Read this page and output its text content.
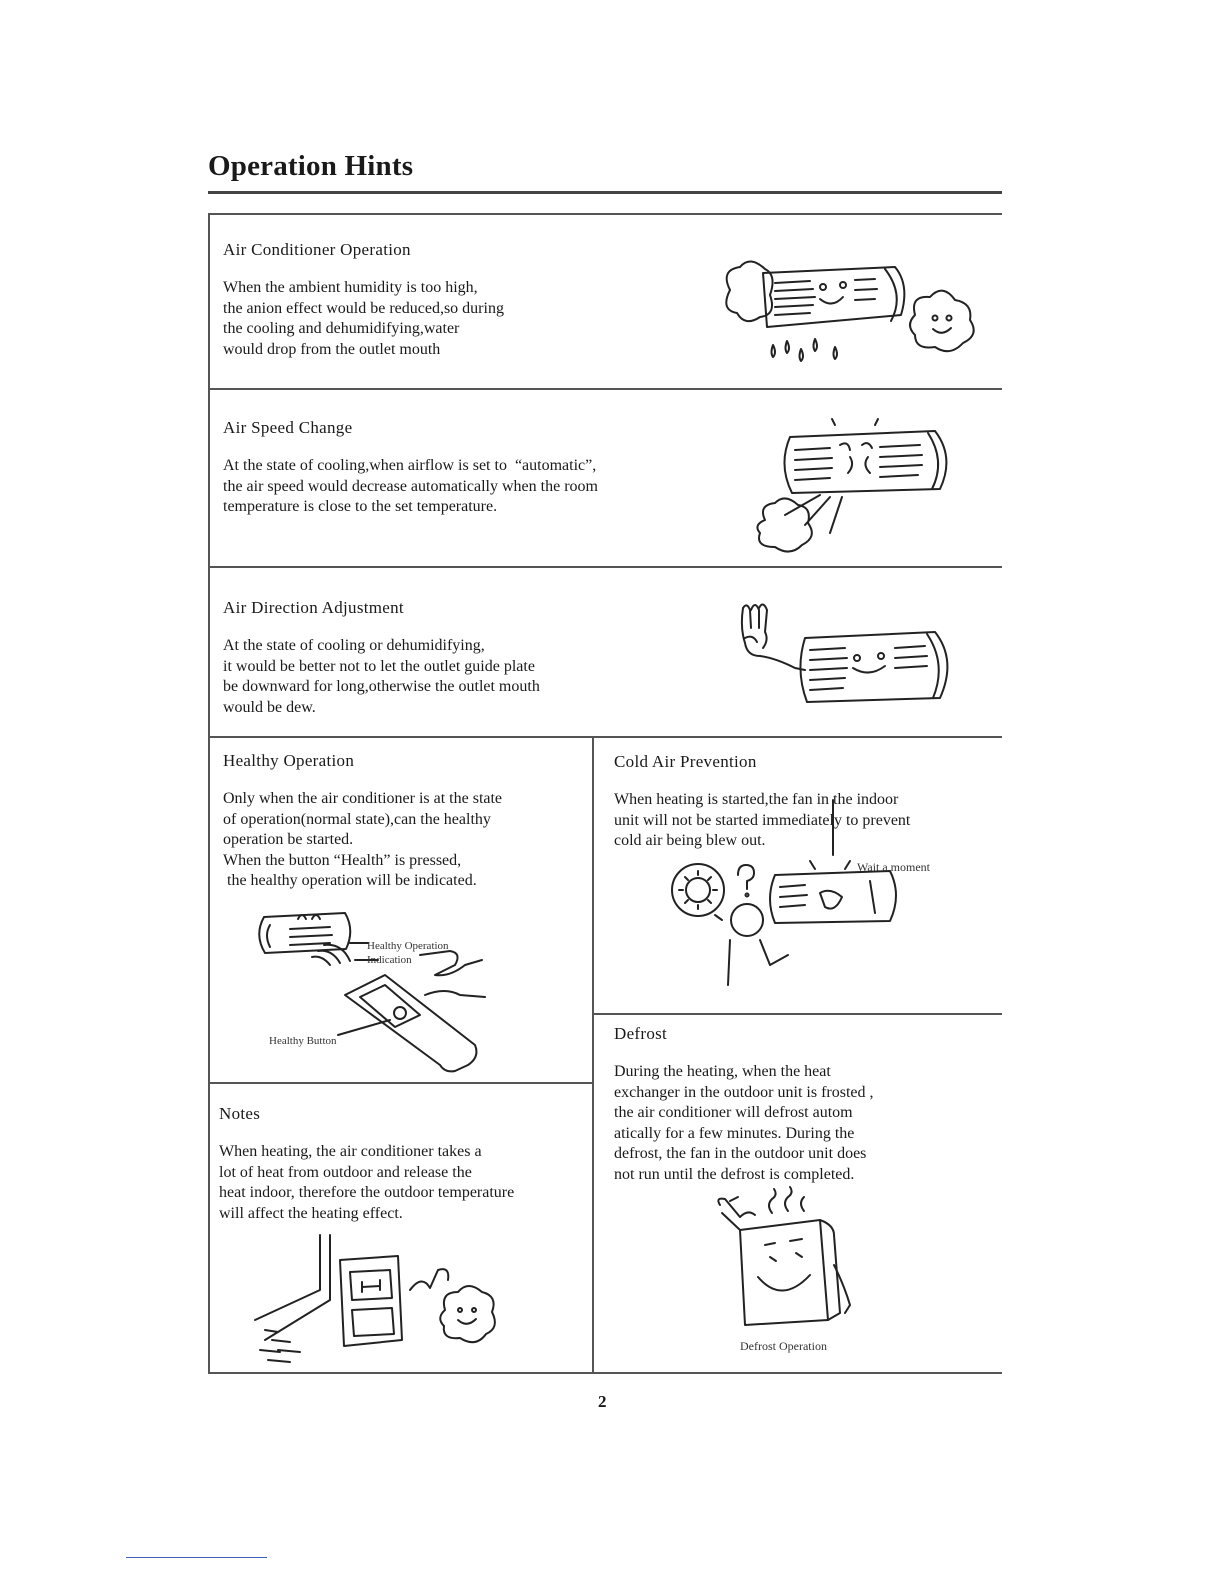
Operation Hints
Air Conditioner Operation

When the ambient humidity is too high,
the anion effect would be reduced,so during
the cooling and dehumidifying,water
would drop from the outlet mouth

Air Speed Change

At the state of cooling,when airflow is set to  “automatic”,
the air speed would decrease automatically when the room
temperature is close to the set temperature.

Air Direction Adjustment

At the state of cooling or dehumidifying,
it would be better not to let the outlet guide plate
be downward for long,otherwise the outlet mouth
would be dew.

Healthy Operation

Only when the air conditioner is at the state
of operation(normal state),can the healthy
operation be started.
When the button “Health” is pressed,
the healthy operation will be indicated.

Healthy Operation
Indication
Healthy Button
Cold Air Prevention

When heating is started,the fan in the indoor
unit will not be started immediately to prevent
cold air being blew out.

Wait a moment
Notes

When heating, the air conditioner takes a
lot of heat from outdoor and release the
heat indoor, therefore the outdoor temperature
will affect the heating effect.

Defrost

During the heating, when the heat
exchanger in the outdoor unit is frosted ,
the air conditioner will defrost autom
atically for a few minutes. During the
defrost, the fan in the outdoor unit does
not run until the defrost is completed.

Defrost Operation
2
